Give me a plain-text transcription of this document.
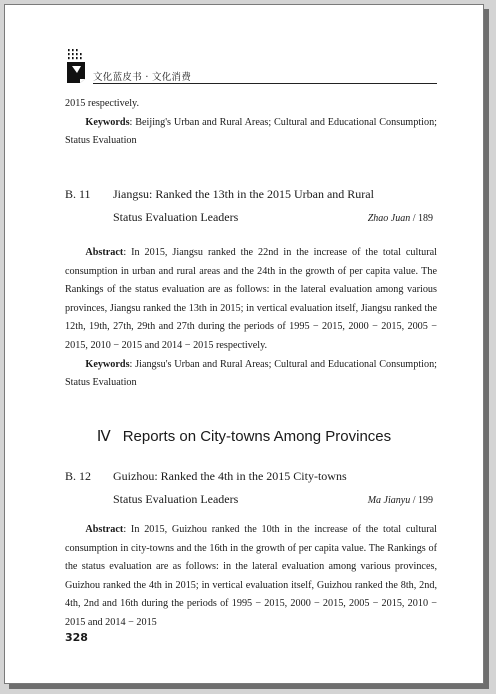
文化蓝皮书 · 文化消费
2015 respectively.
Keywords: Beijing's Urban and Rural Areas; Cultural and Educational Consumption; Status Evaluation
B. 11 Jiangsu: Ranked the 13th in the 2015 Urban and Rural
Status Evaluation Leaders	Zhao Juan / 189
Abstract: In 2015, Jiangsu ranked the 22nd in the increase of the total cultural consumption in urban and rural areas and the 24th in the growth of per capita value. The Rankings of the status evaluation are as follows: in the lateral evaluation among various provinces, Jiangsu ranked the 13th in 2015; in vertical evaluation itself, Jiangsu ranked the 12th, 19th, 27th, 29th and 27th during the periods of 1995 − 2015, 2000 − 2015, 2005 − 2015, 2010 − 2015 and 2014 − 2015 respectively.
Keywords: Jiangsu's Urban and Rural Areas; Cultural and Educational Consumption; Status Evaluation
Ⅳ Reports on City-towns Among Provinces
B. 12 Guizhou: Ranked the 4th in the 2015 City-towns
Status Evaluation Leaders	Ma Jianyu / 199
Abstract: In 2015, Guizhou ranked the 10th in the increase of the total cultural consumption in city-towns and the 16th in the growth of per capita value. The Rankings of the status evaluation are as follows: in the lateral evaluation among various provinces, Guizhou ranked the 4th in 2015; in vertical evaluation itself, Guizhou ranked the 8th, 2nd, 4th, 2nd and 16th during the periods of 1995 − 2015, 2000 − 2015, 2005 − 2015, 2010 − 2015 and 2014 − 2015
328
